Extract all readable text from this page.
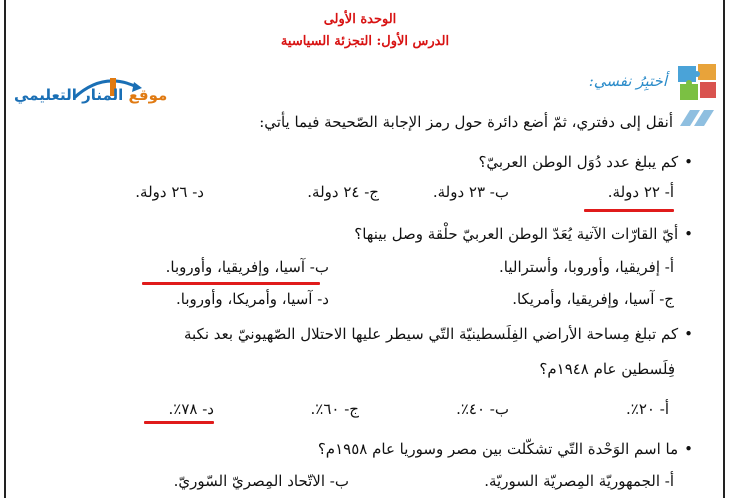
الوحدة الأولى
الدرس الأول: التجزئة السياسية
موقع المنار التعليمي
أختبِرُ نفسي:
أنقل إلى دفتري، ثمّ أضع دائرة حول رمز الإجابة الصّحيحة فيما يأتي:
•كم يبلغ عدد دُوَل الوطن العربيّ؟
أ- ٢٢ دولة.
ب- ٢٣ دولة.
ج- ٢٤ دولة.
د- ٢٦ دولة.
•أيّ القارّات الآتية يُعَدّ الوطن العربيّ حلْقة وصل بينها؟
أ- إفريقيا، وأوروبا، وأستراليا.
ب- آسيا، وإفريقيا، وأوروبا.
ج- آسيا، وإفريقيا، وأمريكا.
د- آسيا، وأمريكا، وأوروبا.
•كم تبلغ مِساحة الأراضي الفِلَسطينيّة التّي سيطر عليها الاحتلال الصّهيونيّ بعد نكبة
فِلَسطين عام ١٩٤٨م؟
أ- ٢٠٪.
ب- ٤٠٪.
ج- ٦٠٪.
د- ٧٨٪.
•ما اسم الوَحْدة التّي تشكّلت بين مصر وسوريا عام ١٩٥٨م؟
أ- الجمهوريّة المِصريّة السوريّة.
ب- الاتّحاد المِصريّ السّوريّ.
